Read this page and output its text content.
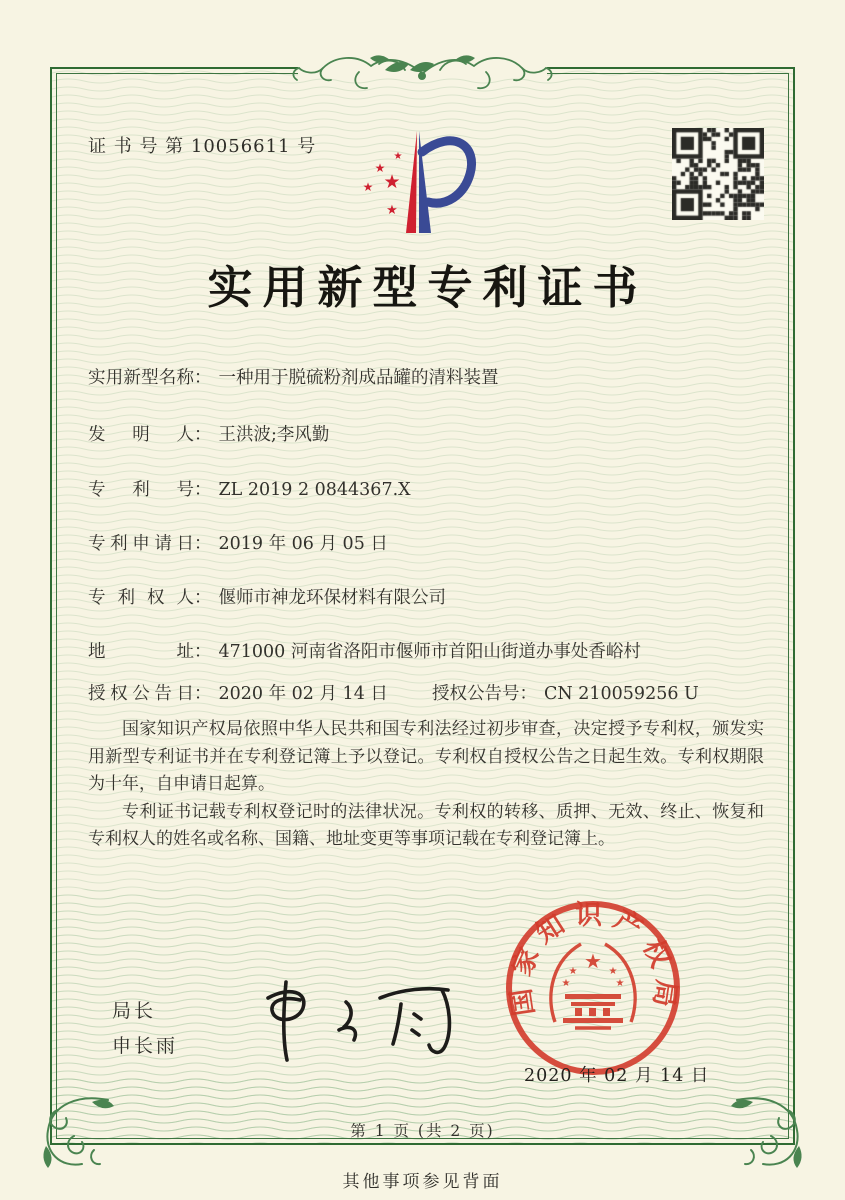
证 书 号 第 10056611 号	★
★
★ ★
★
实用新型专利证书
实用新型名称： 一种用于脱硫粉剂成品罐的清料装置
发明人： 王洪波;李风勤
专利号： ZL 2019 2 0844367.X
专利申请日： 2019 年 06 月 05 日
专利权人： 偃师市神龙环保材料有限公司
地址： 471000 河南省洛阳市偃师市首阳山街道办事处香峪村
授权公告日： 2020 年 02 月 14 日	授权公告号： CN 210059256 U

国家知识产权局依照中华人民共和国专利法经过初步审查，决定授予专利权，颁发实用新型专利证书并在专利登记簿上予以登记。专利权自授权公告之日起生效。专利权期限为十年，自申请日起算。

专利证书记载专利权登记时的法律状况。专利权的转移、质押、无效、终止、恢复和专利权人的姓名或名称、国籍、地址变更等事项记载在专利登记簿上。

局长
申长雨
国家知识产权局
★
★	★
★	★
2020 年 02 月 14 日
第 1 页 (共 2 页)
其他事项参见背面
